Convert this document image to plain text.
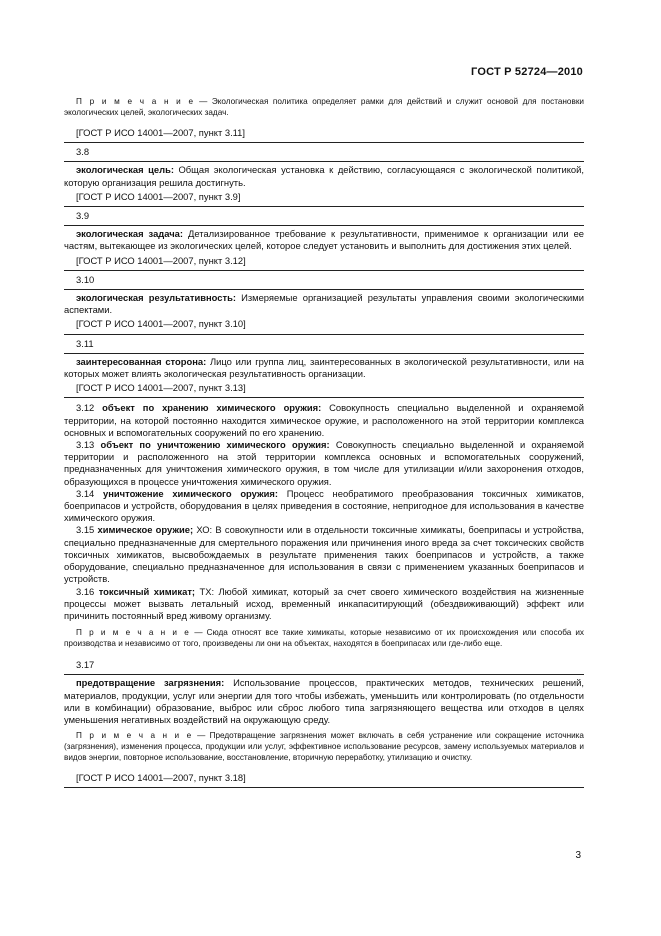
ГОСТ Р 52724—2010

П р и м е ч а н и е — Экологическая политика определяет рамки для действий и служит основой для постановки экологических целей, экологических задач.

[ГОСТ Р ИСО 14001—2007, пункт 3.11]

3.8

экологическая цель: Общая экологическая установка к действию, согласующаяся с экологической политикой, которую организация решила достигнуть.

[ГОСТ Р ИСО 14001—2007, пункт 3.9]

3.9

экологическая задача: Детализированное требование к результативности, применимое к организации или ее частям, вытекающее из экологических целей, которое следует установить и выполнить для достижения этих целей.

[ГОСТ Р ИСО 14001—2007, пункт 3.12]

3.10

экологическая результативность: Измеряемые организацией результаты управления своими экологическими аспектами.

[ГОСТ Р ИСО 14001—2007, пункт 3.10]

3.11

заинтересованная сторона: Лицо или группа лиц, заинтересованных в экологической результативности, или на которых может влиять экологическая результативность организации.

[ГОСТ Р ИСО 14001—2007, пункт 3.13]

3.12 объект по хранению химического оружия: Совокупность специально выделенной и охраняемой территории, на которой постоянно находится химическое оружие, и расположенного на этой территории комплекса основных и вспомогательных сооружений по его хранению.

3.13 объект по уничтожению химического оружия: Совокупность специально выделенной и охраняемой территории и расположенного на этой территории комплекса основных и вспомогательных сооружений, предназначенных для уничтожения химического оружия, в том числе для утилизации и/или захоронения отходов, образующихся в процессе уничтожения химического оружия.

3.14 уничтожение химического оружия: Процесс необратимого преобразования токсичных химикатов, боеприпасов и устройств, оборудования в целях приведения в состояние, непригодное для использования в качестве химического оружия.

3.15 химическое оружие; ХО: В совокупности или в отдельности токсичные химикаты, боеприпасы и устройства, специально предназначенные для смертельного поражения или причинения иного вреда за счет токсических свойств токсичных химикатов, высвобождаемых в результате применения таких боеприпасов и устройств, а также оборудование, специально предназначенное для использования в связи с применением указанных боеприпасов и устройств.

3.16 токсичный химикат; ТХ: Любой химикат, который за счет своего химического воздействия на жизненные процессы может вызвать летальный исход, временный инкапаситирующий (обездвиживающий) эффект или причинить постоянный вред живому организму.

П р и м е ч а н и е — Сюда относят все такие химикаты, которые независимо от их происхождения или способа их производства и независимо от того, произведены ли они на объектах, находятся в боеприпасах или где-либо еще.

3.17

предотвращение загрязнения: Использование процессов, практических методов, технических решений, материалов, продукции, услуг или энергии для того чтобы избежать, уменьшить или контролировать (по отдельности или в комбинации) образование, выброс или сброс любого типа загрязняющего вещества или отходов в целях уменьшения негативных воздействий на окружающую среду.

П р и м е ч а н и е — Предотвращение загрязнения может включать в себя устранение или сокращение источника (загрязнения), изменения процесса, продукции или услуг, эффективное использование ресурсов, замену используемых материалов и видов энергии, повторное использование, восстановление, вторичную переработку, утилизацию и очистку.

[ГОСТ Р ИСО 14001—2007, пункт 3.18]

3
